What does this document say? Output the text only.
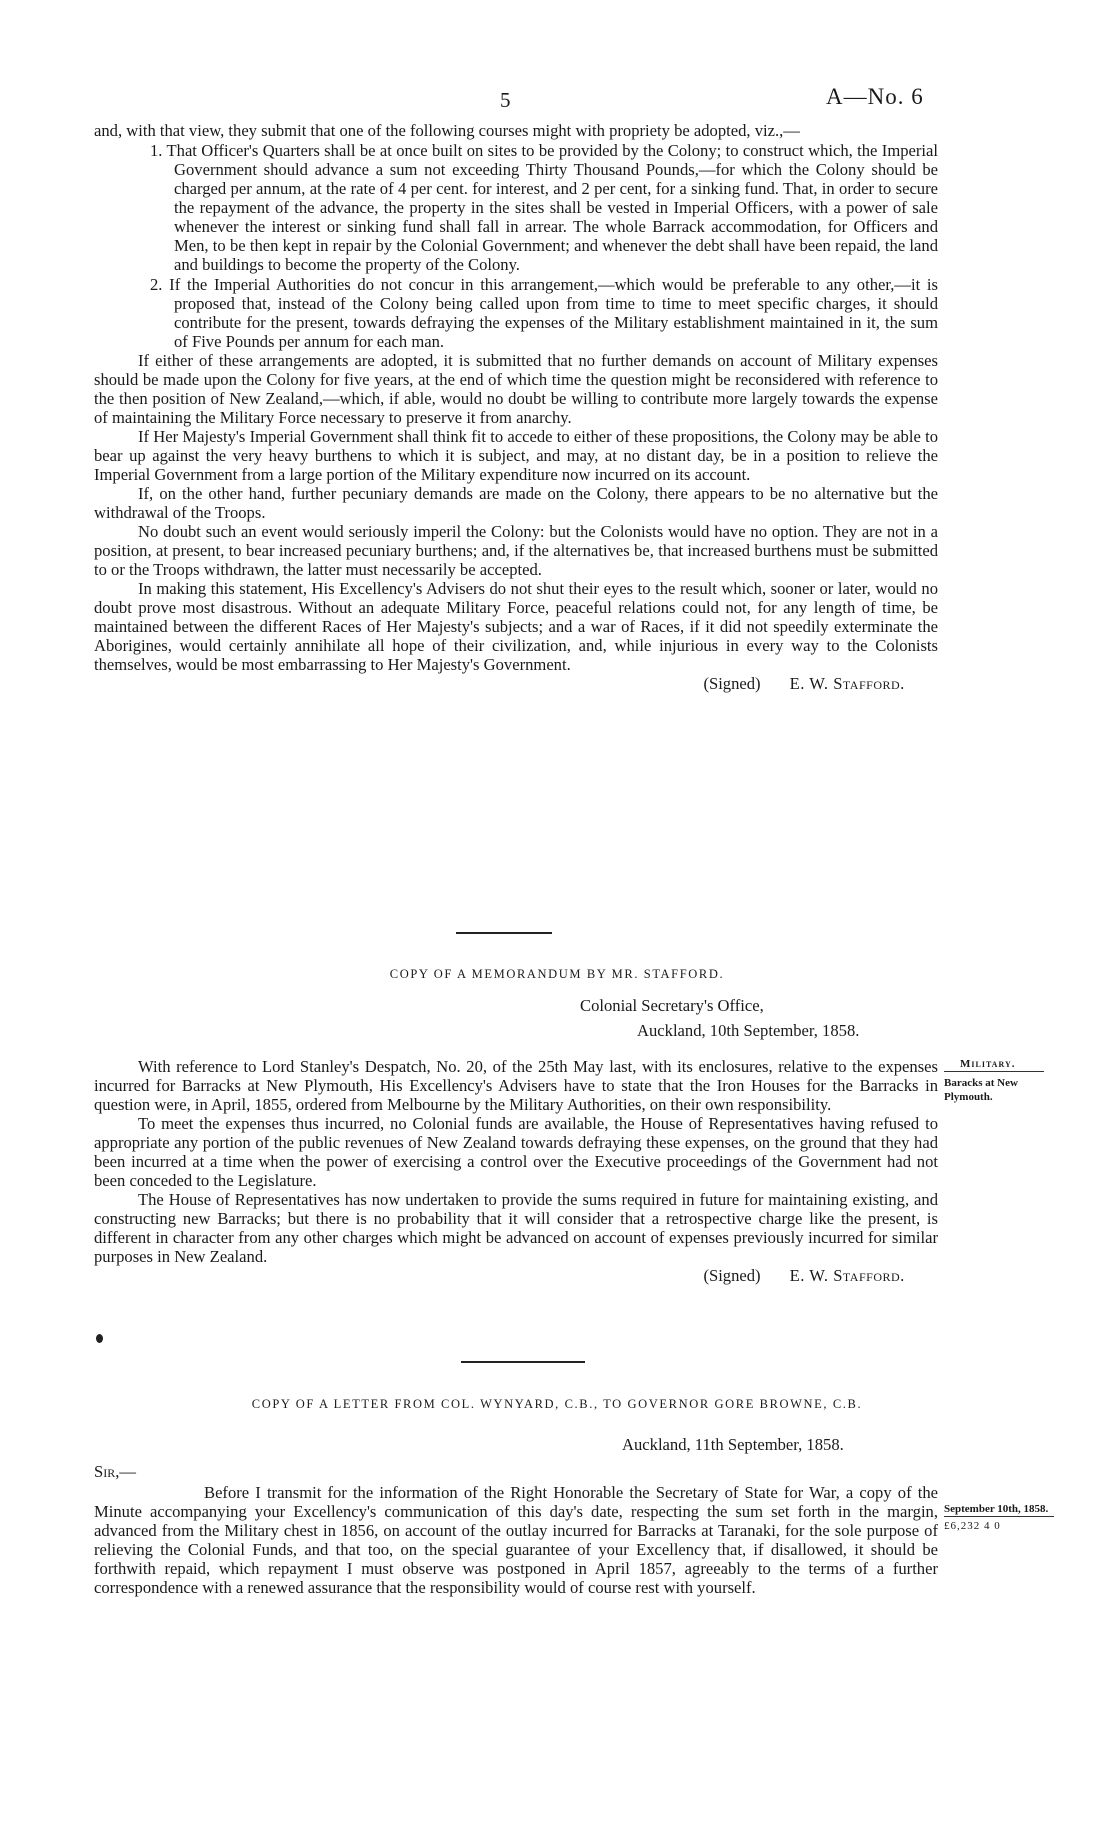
5	A—No. 6

and, with that view, they submit that one of the following courses might with propriety be adopted, viz.,—

1. That Officer's Quarters shall be at once built on sites to be provided by the Colony; to construct which, the Imperial Government should advance a sum not exceeding Thirty Thousand Pounds,—for which the Colony should be charged per annum, at the rate of 4 per cent. for interest, and 2 per cent, for a sinking fund. That, in order to secure the repayment of the advance, the property in the sites shall be vested in Imperial Officers, with a power of sale whenever the interest or sinking fund shall fall in arrear. The whole Barrack accommodation, for Officers and Men, to be then kept in repair by the Colonial Government; and whenever the debt shall have been repaid, the land and buildings to become the property of the Colony.

2. If the Imperial Authorities do not concur in this arrangement,—which would be preferable to any other,—it is proposed that, instead of the Colony being called upon from time to time to meet specific charges, it should contribute for the present, towards defraying the expenses of the Military establishment maintained in it, the sum of Five Pounds per annum for each man.

If either of these arrangements are adopted, it is submitted that no further demands on account of Military expenses should be made upon the Colony for five years, at the end of which time the question might be reconsidered with reference to the then position of New Zealand,—which, if able, would no doubt be willing to contribute more largely towards the expense of maintaining the Military Force necessary to preserve it from anarchy.

If Her Majesty's Imperial Government shall think fit to accede to either of these propositions, the Colony may be able to bear up against the very heavy burthens to which it is subject, and may, at no distant day, be in a position to relieve the Imperial Government from a large portion of the Military expenditure now incurred on its account.

If, on the other hand, further pecuniary demands are made on the Colony, there appears to be no alternative but the withdrawal of the Troops.

No doubt such an event would seriously imperil the Colony: but the Colonists would have no option. They are not in a position, at present, to bear increased pecuniary burthens; and, if the alternatives be, that increased burthens must be submitted to or the Troops withdrawn, the latter must necessarily be accepted.

In making this statement, His Excellency's Advisers do not shut their eyes to the result which, sooner or later, would no doubt prove most disastrous. Without an adequate Military Force, peaceful relations could not, for any length of time, be maintained between the different Races of Her Majesty's subjects; and a war of Races, if it did not speedily exterminate the Aborigines, would certainly annihilate all hope of their civilization, and, while injurious in every way to the Colonists themselves, would be most embarrassing to Her Majesty's Government.

(Signed) E. W. Stafford.

COPY OF A MEMORANDUM BY MR. STAFFORD.
Colonial Secretary's Office,
Auckland, 10th September, 1858.

With reference to Lord Stanley's Despatch, No. 20, of the 25th May last, with its enclosures, relative to the expenses incurred for Barracks at New Plymouth, His Excellency's Advisers have to state that the Iron Houses for the Barracks in question were, in April, 1855, ordered from Melbourne by the Military Authorities, on their own responsibility.

To meet the expenses thus incurred, no Colonial funds are available, the House of Representatives having refused to appropriate any portion of the public revenues of New Zealand towards defraying these expenses, on the ground that they had been incurred at a time when the power of exercising a control over the Executive proceedings of the Government had not been conceded to the Legislature.

The House of Representatives has now undertaken to provide the sums required in future for maintaining existing, and constructing new Barracks; but there is no probability that it will consider that a retrospective charge like the present, is different in character from any other charges which might be advanced on account of expenses previously incurred for similar purposes in New Zealand.

(Signed) E. W. Stafford.

Military.
Baracks at New Plymouth.
COPY OF A LETTER FROM COL. WYNYARD, C.B., TO GOVERNOR GORE BROWNE, C.B.
Auckland, 11th September, 1858.
Sir,—

Before I transmit for the information of the Right Honorable the Secretary of State for War, a copy of the Minute accompanying your Excellency's communication of this day's date, respecting the sum set forth in the margin, advanced from the Military chest in 1856, on account of the outlay incurred for Barracks at Taranaki, for the sole purpose of relieving the Colonial Funds, and that too, on the special guarantee of your Excellency that, if disallowed, it should be forthwith repaid, which repayment I must observe was postponed in April 1857, agreeably to the terms of a further correspondence with a renewed assurance that the responsibility would of course rest with yourself.

September 10th, 1858.
£6,232 4 0
